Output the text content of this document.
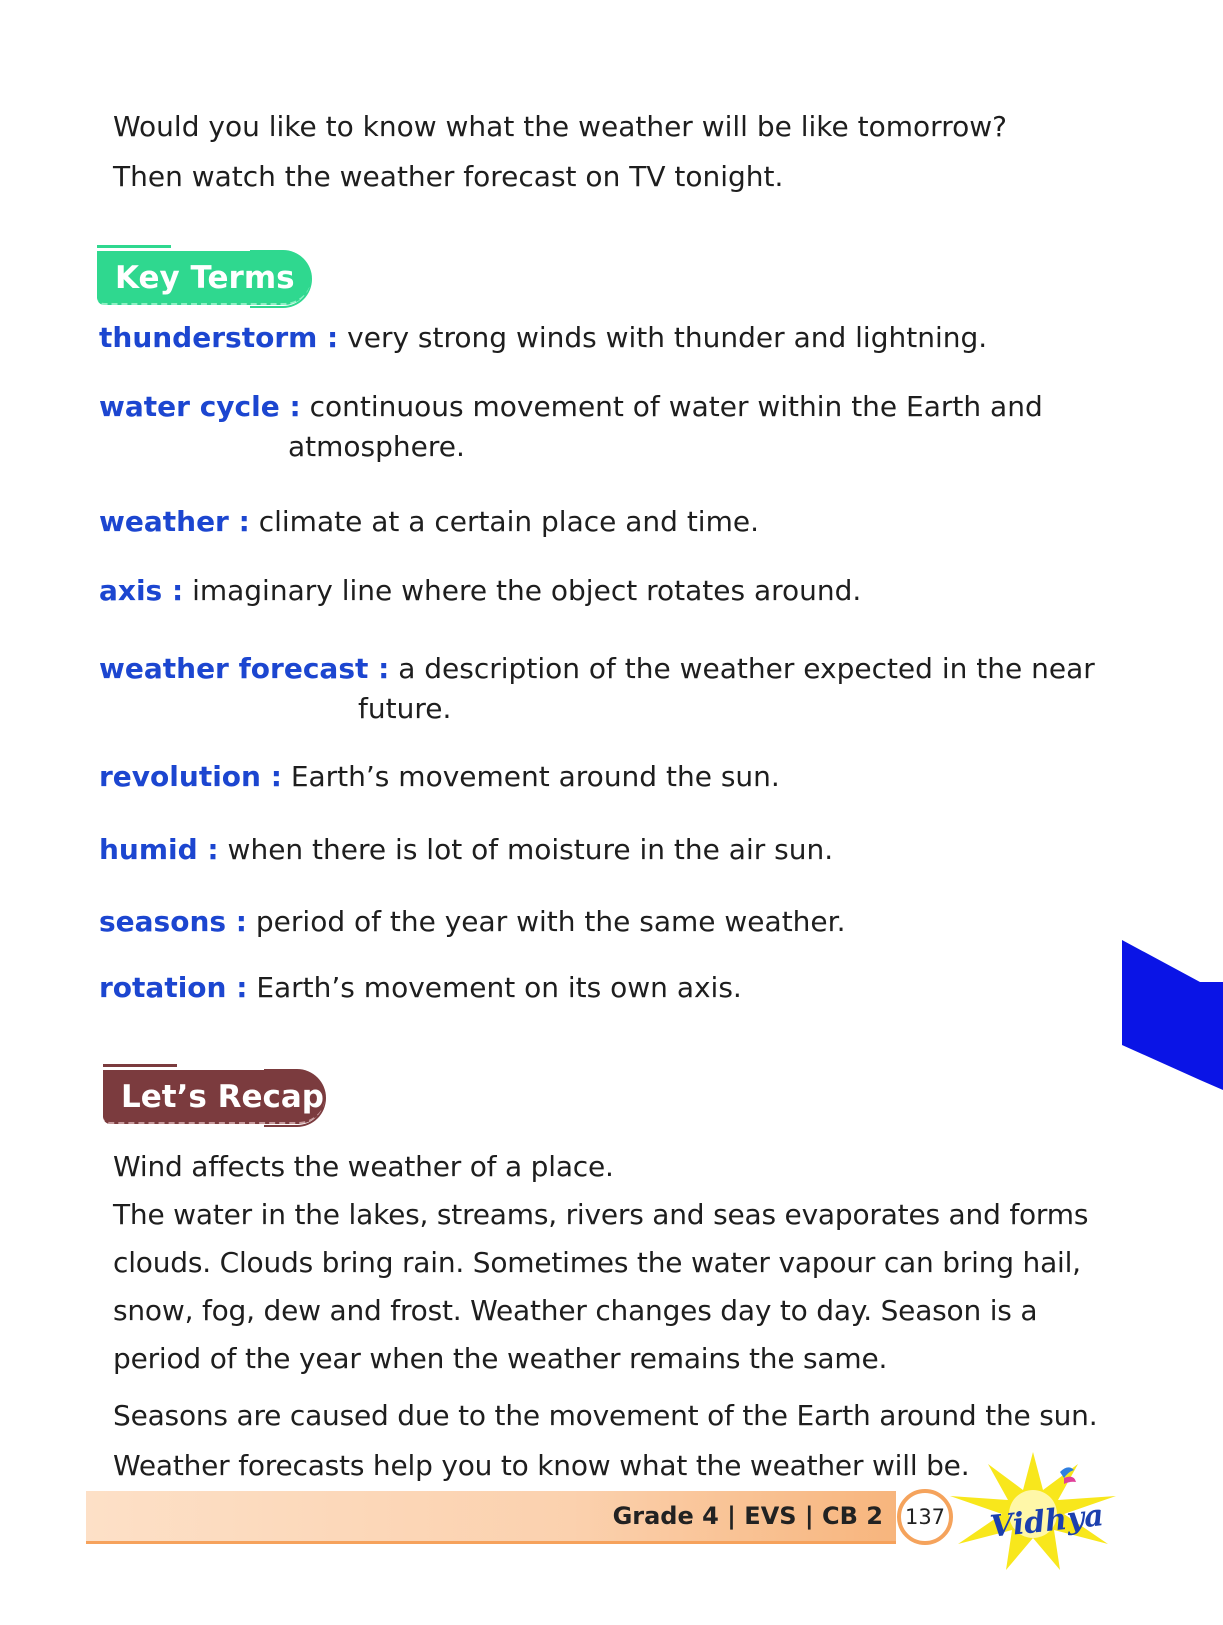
Would you like to know what the weather will be like tomorrow?
Then watch the weather forecast on TV tonight.
Key Terms
thunderstorm : very strong winds with thunder and lightning.
water cycle : continuous movement of water within the Earth and
atmosphere.
weather : climate at a certain place and time.
axis : imaginary line where the object rotates around.
weather forecast : a description of the weather expected in the near
future.
revolution : Earth’s movement around the sun.
humid : when there is lot of moisture in the air sun.
seasons : period of the year with the same weather.
rotation : Earth’s movement on its own axis.
Let’s Recap
Wind affects the weather of a place.
The water in the lakes, streams, rivers and seas evaporates and forms
clouds. Clouds bring rain. Sometimes the water vapour can bring hail,
snow, fog, dew and frost. Weather changes day to day. Season is a
period of the year when the weather remains the same.
Seasons are caused due to the movement of the Earth around the sun.
Weather forecasts help you to know what the weather will be.
Grade 4 | EVS | CB 2	137 Vidhya
